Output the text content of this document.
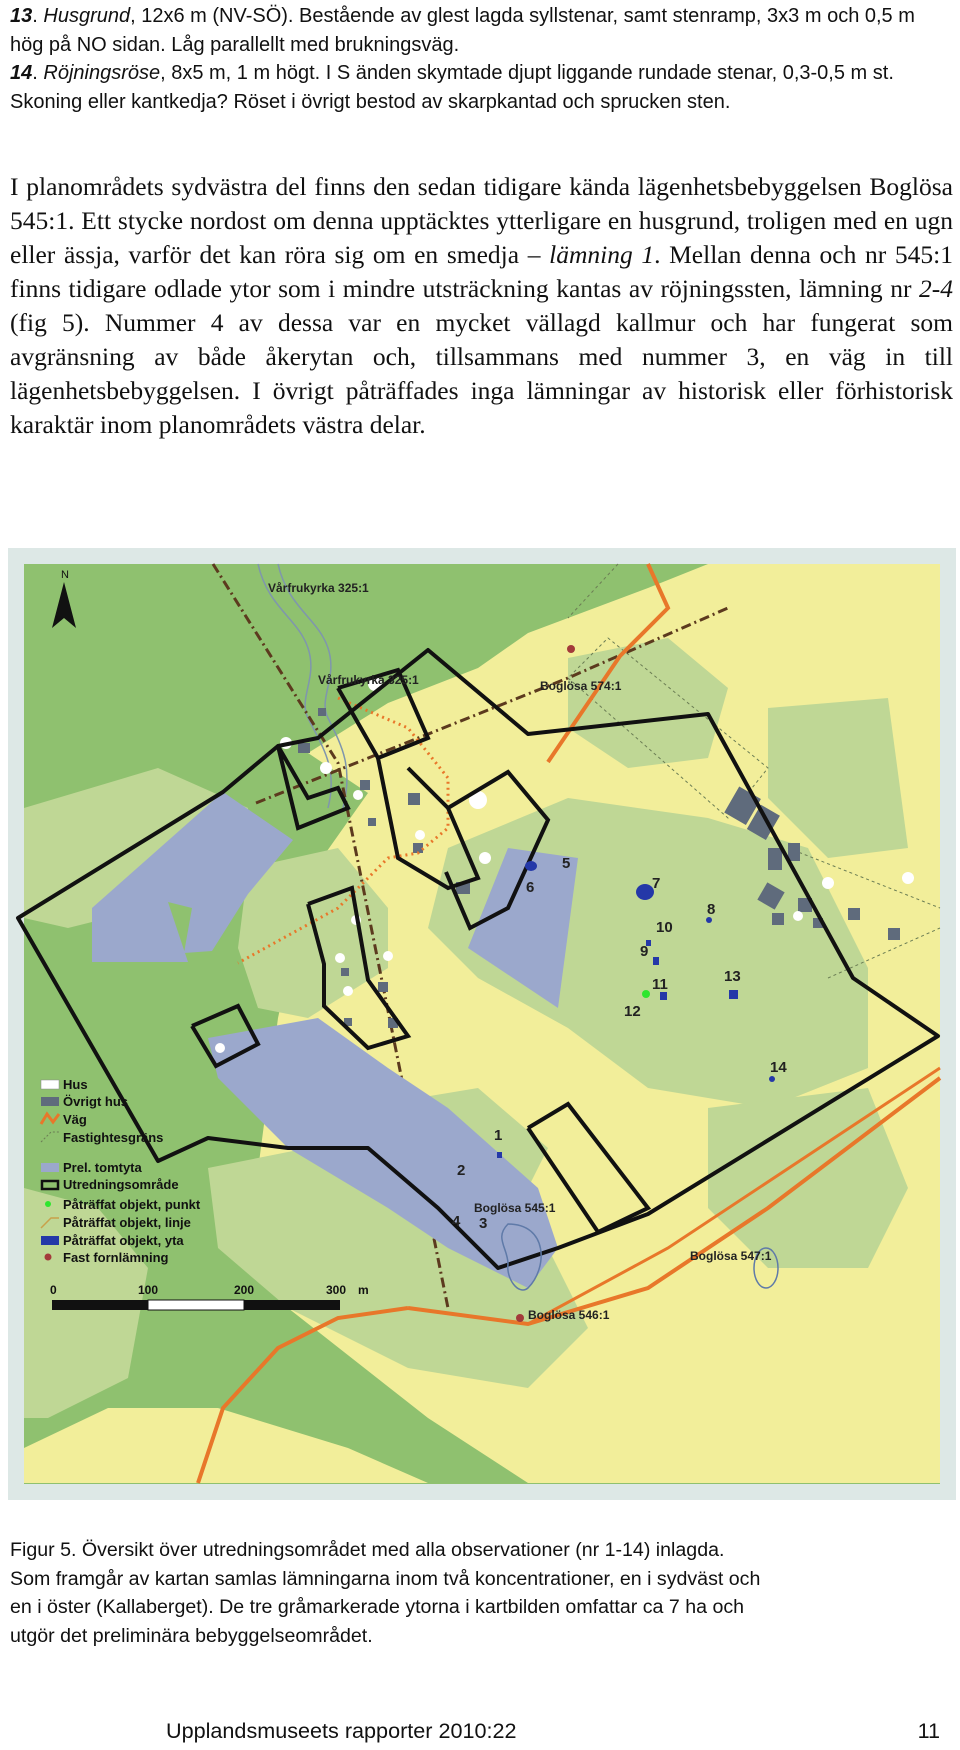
13. Husgrund, 12x6 m (NV-SÖ). Bestående av glest lagda syllstenar, samt stenramp, 3x3 m och 0,5 m hög på NO sidan. Låg parallellt med brukningsväg.

14. Röjningsröse, 8x5 m, 1 m högt. I S änden skymtade djupt liggande rundade stenar, 0,3-0,5 m st. Skoning eller kantkedja? Röset i övrigt bestod av skarpkantad och sprucken sten.

I planområdets sydvästra del finns den sedan tidigare kända lägenhetsbebyggelsen Boglösa 545:1. Ett stycke nordost om denna upptäcktes ytterligare en husgrund, troligen med en ugn eller ässja, varför det kan röra sig om en smedja – lämning 1. Mellan denna och nr 545:1 finns tidigare odlade ytor som i mindre utsträckning kantas av röjningssten, lämning nr 2-4 (fig 5). Nummer 4 av dessa var en mycket vällagd kallmur och har fungerat som avgränsning av både åkerytan och, tillsammans med nummer 3, en väg in till lägenhetsbebyggelsen. I övrigt påträffades inga lämningar av historisk eller förhistorisk karaktär inom planområdets västra delar.

N
Vårfrukyrka 325:1
Vårfrukyrka 325:1	Boglösa 574:1
Boglösa 545:1
Boglösa 547:1
Boglösa 546:1
1
2
3
4
5
6	7
8
9
10
11
12
13
14
Hus
Övrigt hus
Väg
Fastightesgräns
Prel. tomtyta
Utredningsområde
Påträffat objekt, punkt
Påträffat objekt, linje
Påträffat objekt, yta
Fast fornlämning
0	100	200	300 m

Figur 5. Översikt över utredningsområdet med alla observationer (nr 1-14) inlagda.
Som framgår av kartan samlas lämningarna inom två koncentrationer, en i sydväst och
en i öster (Kallaberget). De tre gråmarkerade ytorna i kartbilden omfattar ca 7 ha och
utgör det preliminära bebyggelseområdet.

Upplandsmuseets rapporter 2010:22	11
